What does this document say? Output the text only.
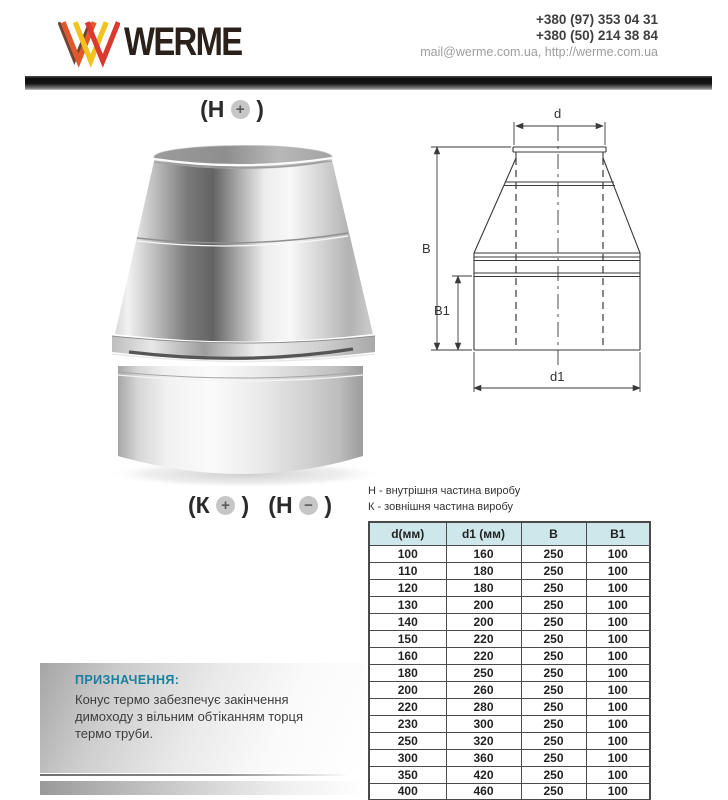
WERME	+380 (97) 353 04 31
+380 (50) 214 38 84
mail@werme.com.ua, http://werme.com.ua
(Н + )
(К + ) (Н − )
d
B
B1
d1
Н - внутрішня частина виробу
К - зовнішня частина виробу
d(мм)	d1 (мм)	B	B1
100	160	250	100
110	180	250	100
120	180	250	100
130	200	250	100
140	200	250	100
150	220	250	100
160	220	250	100
180	250	250	100
200	260	250	100
220	280	250	100
230	300	250	100
250	320	250	100
300	360	250	100
350	420	250	100
400	460	250	100
ПРИЗНАЧЕННЯ:
Конус термо забезпечує закінчення димоходу з вільним обтіканням торця термо труби.
